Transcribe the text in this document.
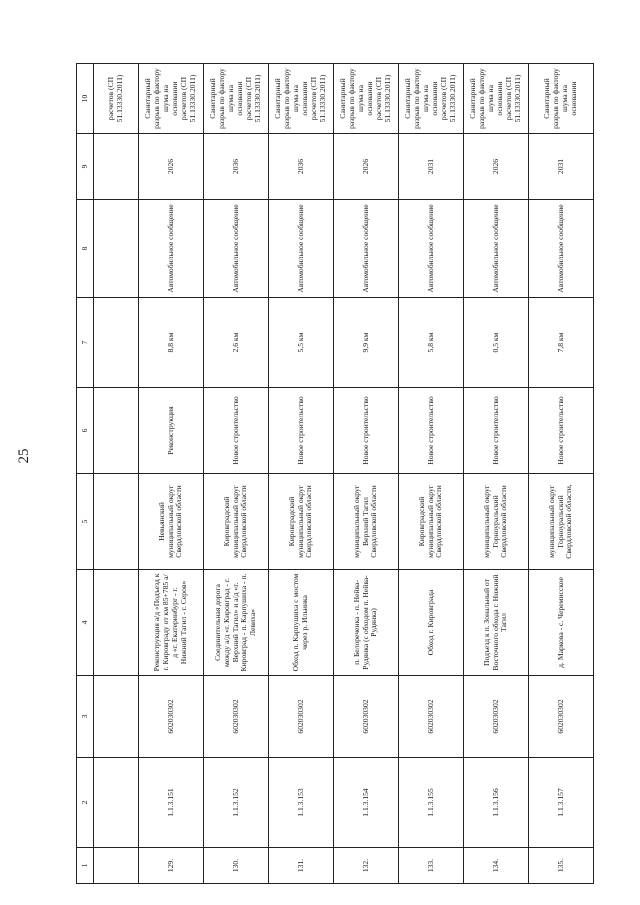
25
1	2	3	4	5	6	7	8	9	10
									расчетов (СП 51.13330.2011)
129.	1.1.3.151	602030302	Реконструкция а/д «Подъезд к г. Кировграду от км 85+785 а/д «г. Екатеринбург - г. Нижний Тагил - г. Серов»	Невьянский муниципальный округ Свердловской области	Реконструкция	8,8 км	Автомобильное сообщение	2026	Санитарный разрыв по фактору шума на основании расчетов (СП 51.13330.2011)
130.	1.1.3.152	602030302	Соединительная дорога между а/д «г. Кировград - г. Верхний Тагил» и а/д «г. Кировград - п. Карпушиха - п. Левиха»	Кировградский муниципальный округ Свердловской области	Новое строительство	2,6 км	Автомобильное сообщение	2036	Санитарный разрыв по фактору шума на основании расчетов (СП 51.13330.2011)
131.	1.1.3.153	602030302	Обход п. Карпушиха с мостом через р. Ильинка	Кировградский муниципальный округ Свердловской области	Новое строительство	5,5 км	Автомобильное сообщение	2036	Санитарный разрыв по фактору шума на основании расчетов (СП 51.13330.2011)
132.	1.1.3.154	602030302	п. Белореченка - п. Нейва-Рудянка (с обходом п. Нейва-Рудянка)	муниципальный округ Верхний Тагил Свердловской области	Новое строительство	9,9 км	Автомобильное сообщение	2026	Санитарный разрыв по фактору шума на основании расчетов (СП 51.13330.2011)
133.	1.1.3.155	602030302	Обход г. Кировграда	Кировградский муниципальный округ Свердловской области	Новое строительство	5,8 км	Автомобильное сообщение	2031	Санитарный разрыв по фактору шума на основании расчетов (СП 51.13330.2011)
134.	1.1.3.156	602030302	Подъезд к п. Зональный от Восточного обхода г. Нижний Тагил	муниципальный округ Горноуральский Свердловской области	Новое строительство	0,5 км	Автомобильное сообщение	2026	Санитарный разрыв по фактору шума на основании расчетов (СП 51.13330.2011)
135.	1.1.3.157	602030302	д. Маркова - с. Черемисское	муниципальный округ Горноуральский Свердловской области,	Новое строительство	7,8 км	Автомобильное сообщение	2031	Санитарный разрыв по фактору шума на основании
